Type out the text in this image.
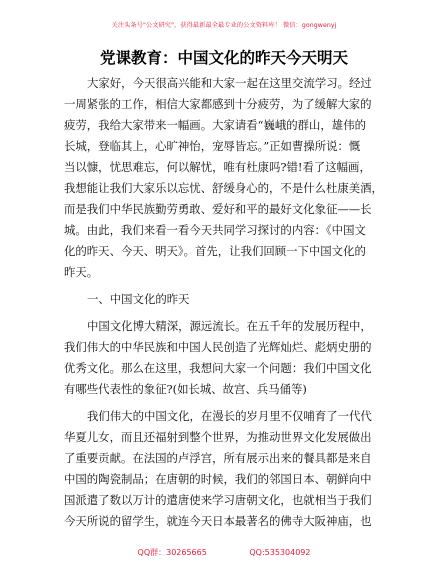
关注头条号"公文研究"，获得最新最全最专业的公文资料库！ 微信：gongwenyj
党课教育：中国文化的昨天今天明天

大家好，今天很高兴能和大家一起在这里交流学习。经过

一周紧张的工作，相信大家都感到十分疲劳，为了缓解大家的

疲劳，我给大家带来一幅画。大家请看“巍峨的群山，雄伟的

长城，登临其上，心旷神怡，宠辱皆忘。”正如曹操所说：慨

当以慷，忧思难忘，何以解忧，唯有杜康吗?错!看了这幅画，

我想能让我们大家乐以忘忧、舒缓身心的，不是什么杜康美酒，

而是我们中华民族勤劳勇敢、爱好和平的最好文化象征——长

城。由此，我们来看一看今天共同学习探讨的内容：《中国文

化的昨天、今天、明天》。首先，让我们回顾一下中国文化的

昨天。

一、中国文化的昨天

中国文化博大精深，源远流长。在五千年的发展历程中，

我们伟大的中华民族和中国人民创造了光辉灿烂、彪炳史册的

优秀文化。那么在这里，我想问大家一个问题：我们中国文化

有哪些代表性的象征?(如长城、故宫、兵马俑等)

我们伟大的中国文化，在漫长的岁月里不仅哺育了一代代

华夏儿女，而且还福射到整个世界，为推动世界文化发展做出

了重要贡献。在法国的卢浮宫，所有展示出来的餐具都是来自

中国的陶瓷制品；在唐朝的时候，我们的邻国日本、朝鲜向中

国派遣了数以万计的遣唐使来学习唐朝文化，也就相当于我们

今天所说的留学生，就连今天日本最著名的佛寺大阪神庙，也

QQ群：30265665	QQ:535304092
